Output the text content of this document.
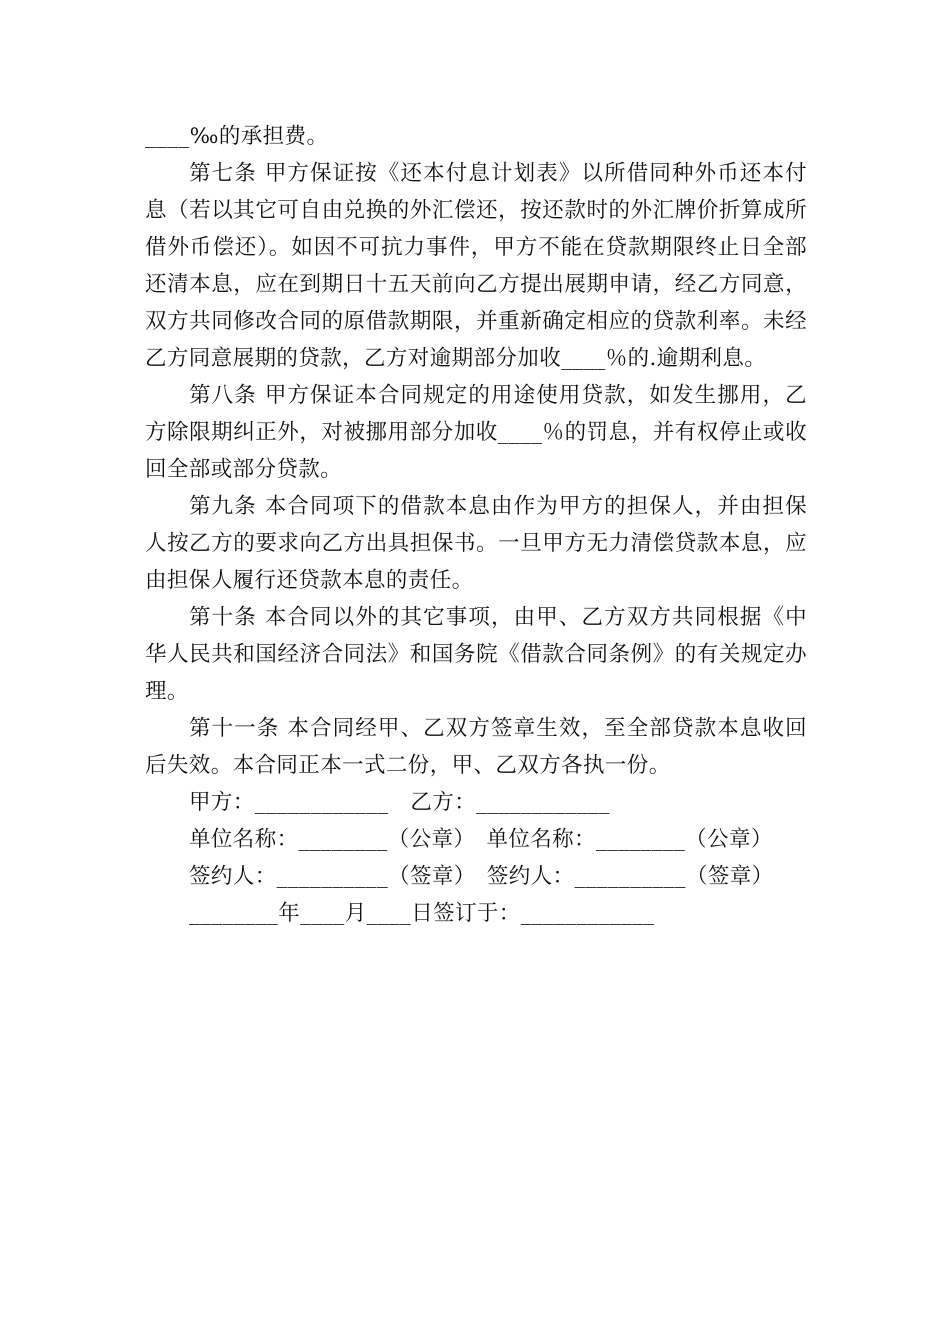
____‰的承担费。

第七条 甲方保证按《还本付息计划表》以所借同种外币还本付息（若以其它可自由兑换的外汇偿还，按还款时的外汇牌价折算成所借外币偿还）。如因不可抗力事件，甲方不能在贷款期限终止日全部还清本息，应在到期日十五天前向乙方提出展期申请，经乙方同意，双方共同修改合同的原借款期限，并重新确定相应的贷款利率。未经乙方同意展期的贷款，乙方对逾期部分加收____％的.逾期利息。

第八条 甲方保证本合同规定的用途使用贷款，如发生挪用，乙方除限期纠正外，对被挪用部分加收____％的罚息，并有权停止或收回全部或部分贷款。

第九条 本合同项下的借款本息由作为甲方的担保人，并由担保人按乙方的要求向乙方出具担保书。一旦甲方无力清偿贷款本息，应由担保人履行还贷款本息的责任。

第十条 本合同以外的其它事项，由甲、乙方双方共同根据《中华人民共和国经济合同法》和国务院《借款合同条例》的有关规定办理。

第十一条 本合同经甲、乙双方签章生效，至全部贷款本息收回后失效。本合同正本一式二份，甲、乙双方各执一份。

甲方：____________　乙方：____________

单位名称：________（公章）　单位名称：________（公章）

签约人：__________（签章）　签约人：__________（签章）

________年____月____日签订于：____________
